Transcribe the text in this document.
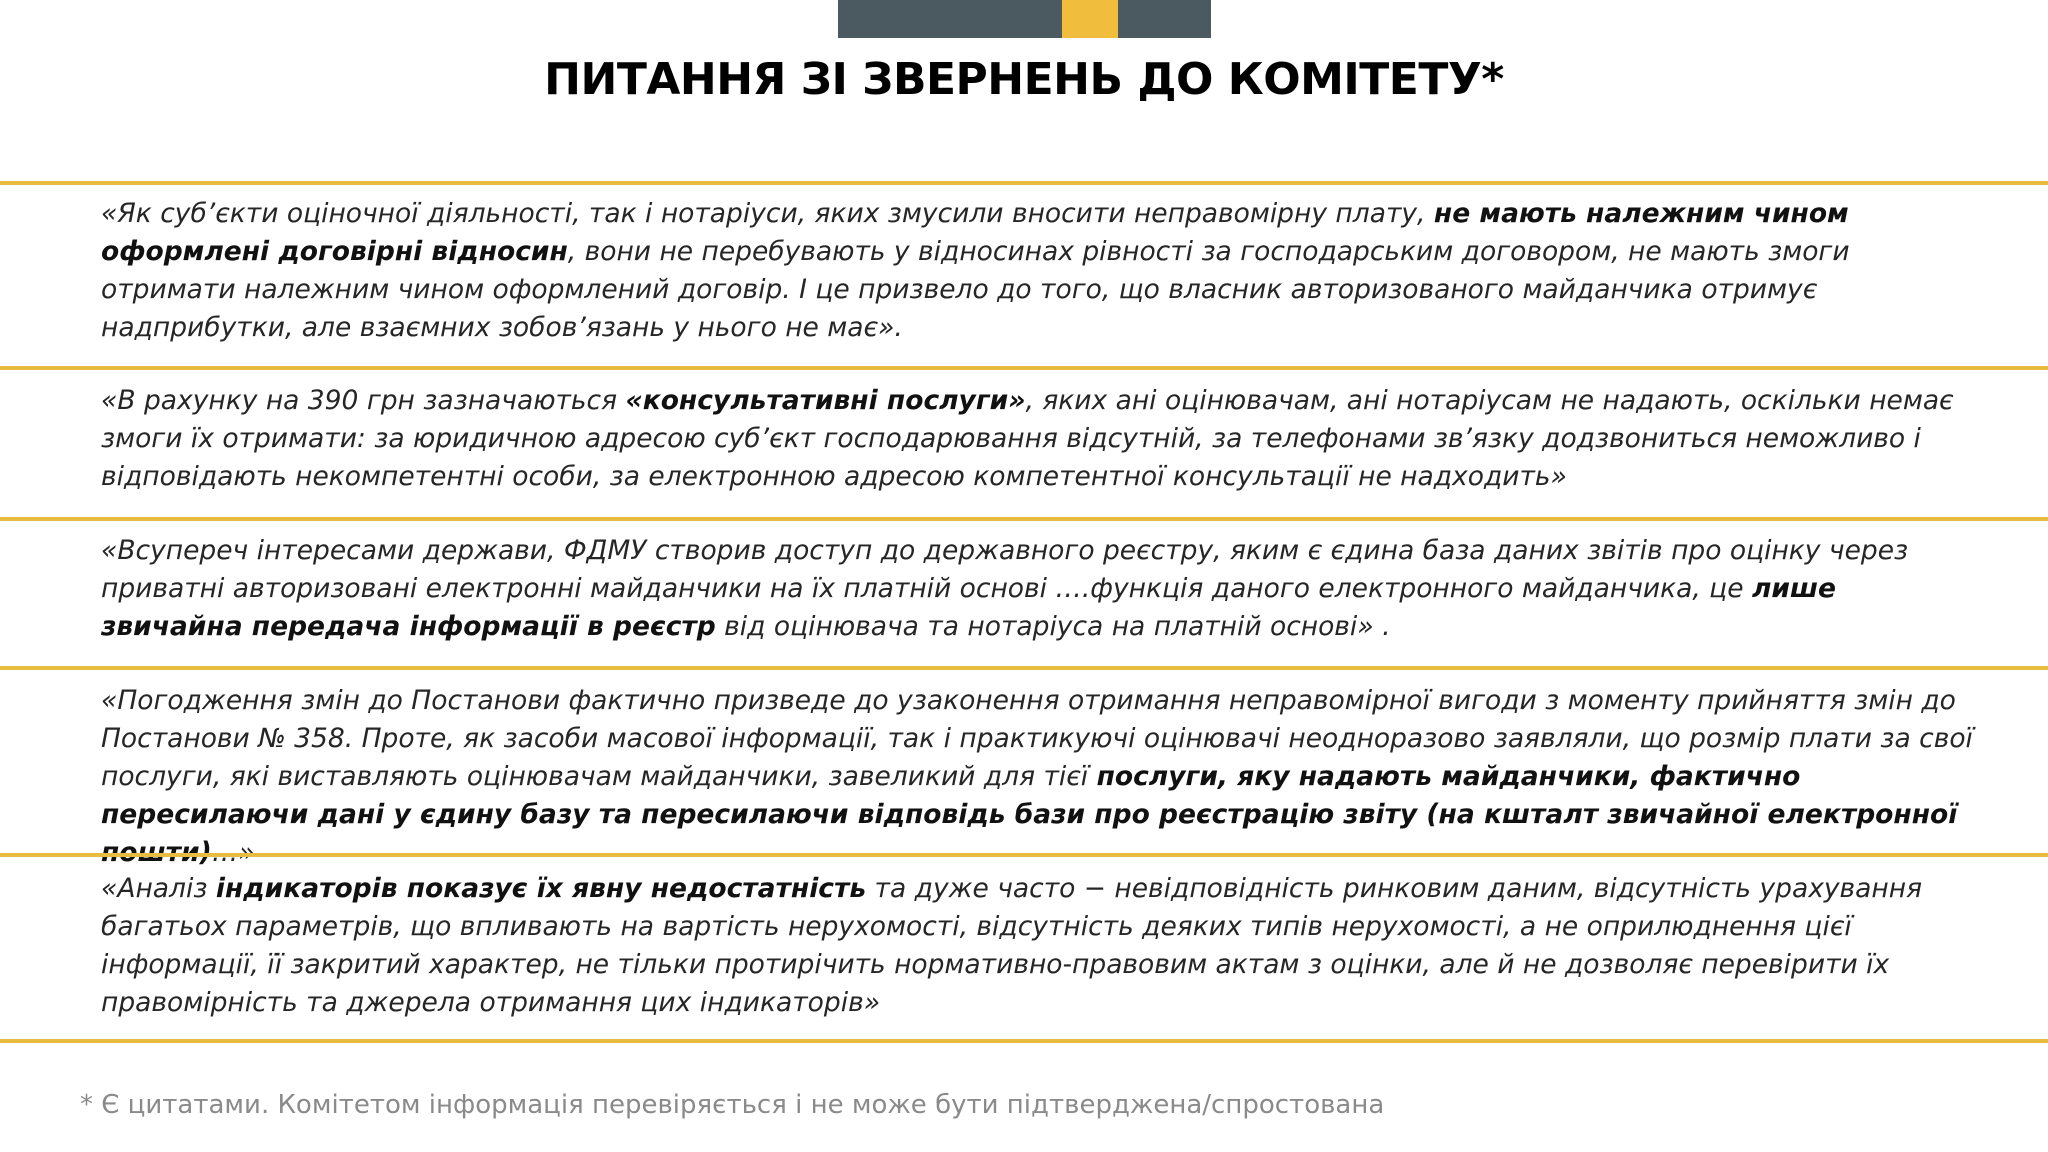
ПИТАННЯ ЗІ ЗВЕРНЕНЬ ДО КОМІТЕТУ*

«Як суб’єкти оціночної діяльності, так і нотаріуси, яких змусили вносити неправомірну плату, не мають належним чином оформлені договірні відносин, вони не перебувають у відносинах рівності за господарським договором, не мають змоги отримати належним чином оформлений договір. І це призвело до того, що власник авторизованого майданчика отримує надприбутки, але взаємних зобов’язань у нього не має».

«В рахунку на 390 грн зазначаються «консультативні послуги», яких ані оцінювачам, ані нотаріусам не надають, оскільки немає змоги їх отримати: за юридичною адресою суб’єкт господарювання відсутній, за телефонами зв’язку додзвониться неможливо і відповідають некомпетентні особи, за електронною адресою компетентної консультації не надходить»

«Всупереч інтересами держави, ФДМУ створив доступ до державного реєстру, яким є єдина база даних звітів про оцінку через приватні авторизовані електронні майданчики на їх платній основі ….функція даного електронного майданчика, це лише звичайна передача інформації в реєстр від оцінювача та нотаріуса на платній основі» .

«Погодження змін до Постанови фактично призведе до узаконення отримання неправомірної вигоди з моменту прийняття змін до Постанови № 358. Проте, як засоби масової інформації, так і практикуючі оцінювачі неодноразово заявляли, що розмір плати за свої послуги, які виставляють оцінювачам майданчики, завеликий для тієї послуги, яку надають майданчики, фактично пересилаючи дані у єдину базу та пересилаючи відповідь бази про реєстрацію звіту (на кшталт звичайної електронної

«Аналіз індикаторів показує їх явну недостатність та дуже часто − невідповідність ринковим даним, відсутність урахування багатьох параметрів, що впливають на вартість нерухомості, відсутність деяких типів нерухомості, а не оприлюднення цієї інформації, її закритий характер, не тільки протирічить нормативно-правовим актам з оцінки, але й не дозволяє перевірити їх правомірність та джерела отримання цих індикаторів»

* Є цитатами. Комітетом інформація перевіряється і не може бути підтверджена/спростована
